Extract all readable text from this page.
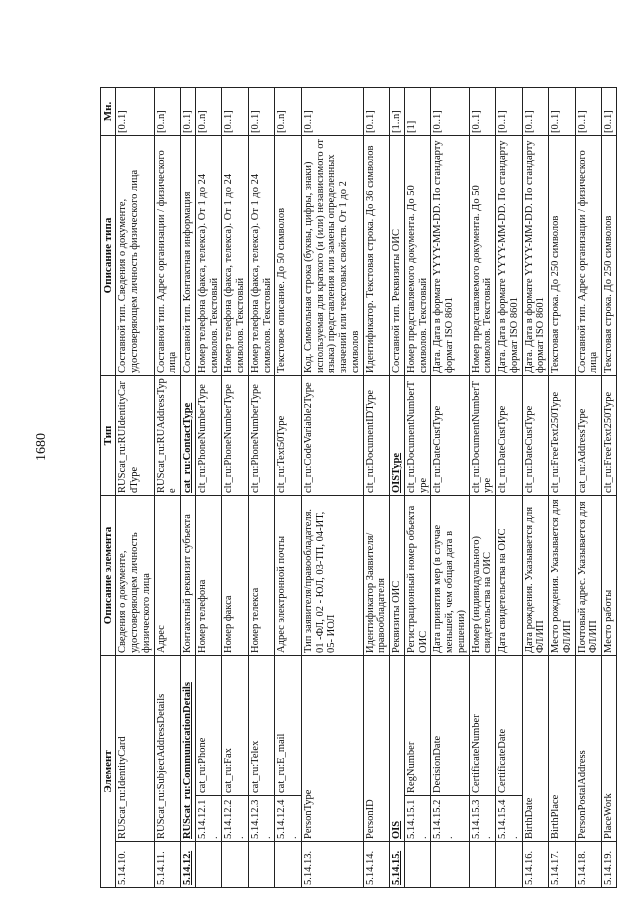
1680
Элемент			Описание элемента	Тип	Описание типа	Мн.
5.14.10.	RUScat_ru:IdentityCard		Сведения о документе, удостоверяющем личность физического лица	RUScat_ru:RUIdentityCardType	Составной тип. Сведения о документе, удостоверяющем личность физического лица	[0..1]
5.14.11.	RUScat_ru:SubjectAddressDetails		Адрес	RUScat_ru:RUAddressType	Составной тип. Адрес организации / физического лица	[0..n]
5.14.12.	RUScat_ru:CommunicationDetails		Контактный реквизит субъекта	cat_ru:ContactType	Составной тип. Контактная информация	[0..1]
	5.14.12.1.	cat_ru:Phone	Номер телефона	clt_ru:PhoneNumberType	Номер телефона (факса, телекса). От 1 до 24 символов. Текстовый	[0..n]
	5.14.12.2.	cat_ru:Fax	Номер факса	clt_ru:PhoneNumberType	Номер телефона (факса, телекса). От 1 до 24 символов. Текстовый	[0..1]
	5.14.12.3.	cat_ru:Telex	Номер телекса	clt_ru:PhoneNumberType	Номер телефона (факса, телекса). От 1 до 24 символов. Текстовый	[0..1]
	5.14.12.4.	cat_ru:E_mail	Адрес электронной почты	clt_ru:Text50Type	Текстовое описание. До 50 символов	[0..n]
5.14.13.	PersonType		Тип заявителя/правообладателя. 01 -ФЛ, 02 - ЮЛ, 03-ТП, 04-ИТ, 05- ИОЛ	clt_ru:CodeVariable2Type	Код. Символьная строка (буквы, цифры, знаки) используемая для краткого (и (или) независимого от языка) представления или замены определенных значений или текстовых свойств. От 1 до 2 символов	[0..1]
5.14.14.	PersonID		Идентификатор Заявителя/правообладателя	clt_ru:DocumentIDType	Идентификатор. Текстовая строка. До 36 символов	[0..1]
5.14.15.	OIS		Реквизиты ОИС	OISType	Составной тип. Реквизиты ОИС	[1..n]
	5.14.15.1.	RegNumber	Регистрационный номер объекта ОИС	clt_ru:DocumentNumberType	Номер представляемого документа. До 50 символов. Текстовый	[1]
	5.14.15.2.	DecisionDate	Дата принятия мер (в случае меньшей, чем общая дата в решении)	clt_ru:DateCustType	Дата. Дата в формате YYYY-MM-DD. По стандарту формат ISO 8601	[0..1]
	5.14.15.3.	CertificateNumber	Номер (индивидуального) свидетельства на ОИС	clt_ru:DocumentNumberType	Номер представляемого документа. До 50 символов. Текстовый	[0..1]
	5.14.15.4.	CertificateDate	Дата свидетельства на ОИС	clt_ru:DateCustType	Дата. Дата в формате YYYY-MM-DD. По стандарту формат ISO 8601	[0..1]
5.14.16.	BirthDate		Дата рождения. Указывается для ФЛ/ИП	clt_ru:DateCustType	Дата. Дата в формате YYYY-MM-DD. По стандарту формат ISO 8601	[0..1]
5.14.17.	BirthPlace		Место рождения. Указывается для ФЛ/ИП	clt_ru:FreeText250Type	Текстовая строка. До 250 символов	[0..1]
5.14.18.	PersonPostalAddress		Почтовый адрес. Указывается для ФЛ/ИП	cat_ru:AddressType	Составной тип. Адрес организации / физического лица	[0..1]
5.14.19.	PlaceWork		Место работы	clt_ru:FreeText250Type	Текстовая строка. До 250 символов	[0..1]
